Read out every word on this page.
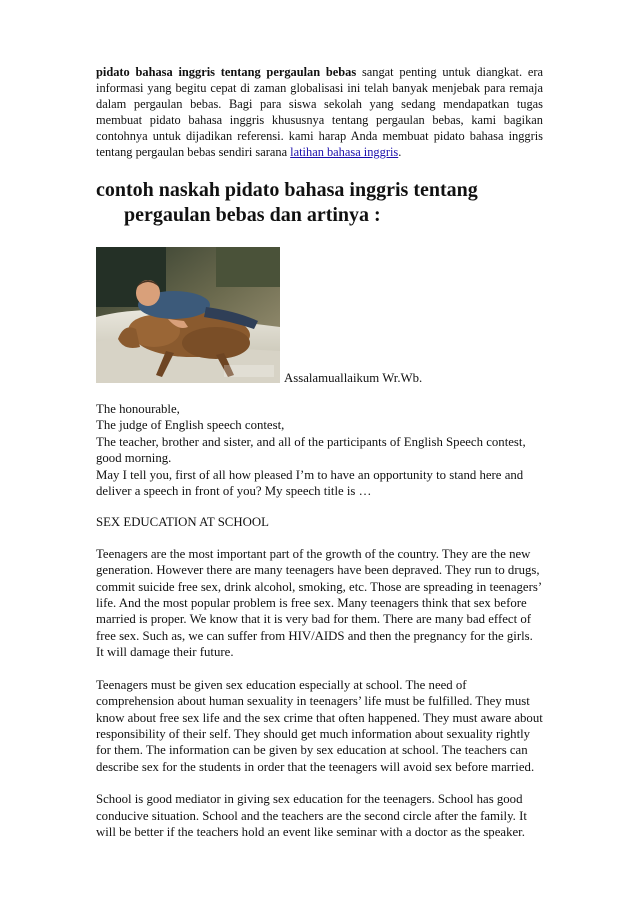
pidato bahasa inggris tentang pergaulan bebas sangat penting untuk diangkat. era informasi yang begitu cepat di zaman globalisasi ini telah banyak menjebak para remaja dalam pergaulan bebas. Bagi para siswa sekolah yang sedang mendapatkan tugas membuat pidato bahasa inggris khususnya tentang pergaulan bebas, kami bagikan contohnya untuk dijadikan referensi. kami harap Anda membuat pidato bahasa inggris tentang pergaulan bebas sendiri sarana latihan bahasa inggris.

contoh naskah pidato bahasa inggris tentang pergaulan bebas dan artinya :
Assalamuallaikum Wr.Wb.
The honourable,
The judge of English speech contest,
The teacher, brother and sister, and all of the participants of English Speech contest,
good morning.
May I tell you, first of all how pleased I’m to have an opportunity to stand here and deliver a speech in front of you? My speech title is …

SEX EDUCATION AT SCHOOL

Teenagers are the most important part of the growth of the country. They are the new generation. However there are many teenagers have been depraved. They run to drugs, commit suicide free sex, drink alcohol, smoking, etc. Those are spreading in teenagers’ life. And the most popular problem is free sex. Many teenagers think that sex before married is proper. We know that it is very bad for them. There are many bad effect of free sex. Such as, we can suffer from HIV/AIDS and then the pregnancy for the girls. It will damage their future.

Teenagers must be given sex education especially at school. The need of comprehension about human sexuality in teenagers’ life must be fulfilled. They must know about free sex life and the sex crime that often happened. They must aware about responsibility of their self. They should get much information about sexuality rightly for them. The information can be given by sex education at school. The teachers can describe sex for the students in order that the teenagers will avoid sex before married.

School is good mediator in giving sex education for the teenagers. School has good conducive situation. School and the teachers are the second circle after the family. It will be better if the teachers hold an event like seminar with a doctor as the speaker.
